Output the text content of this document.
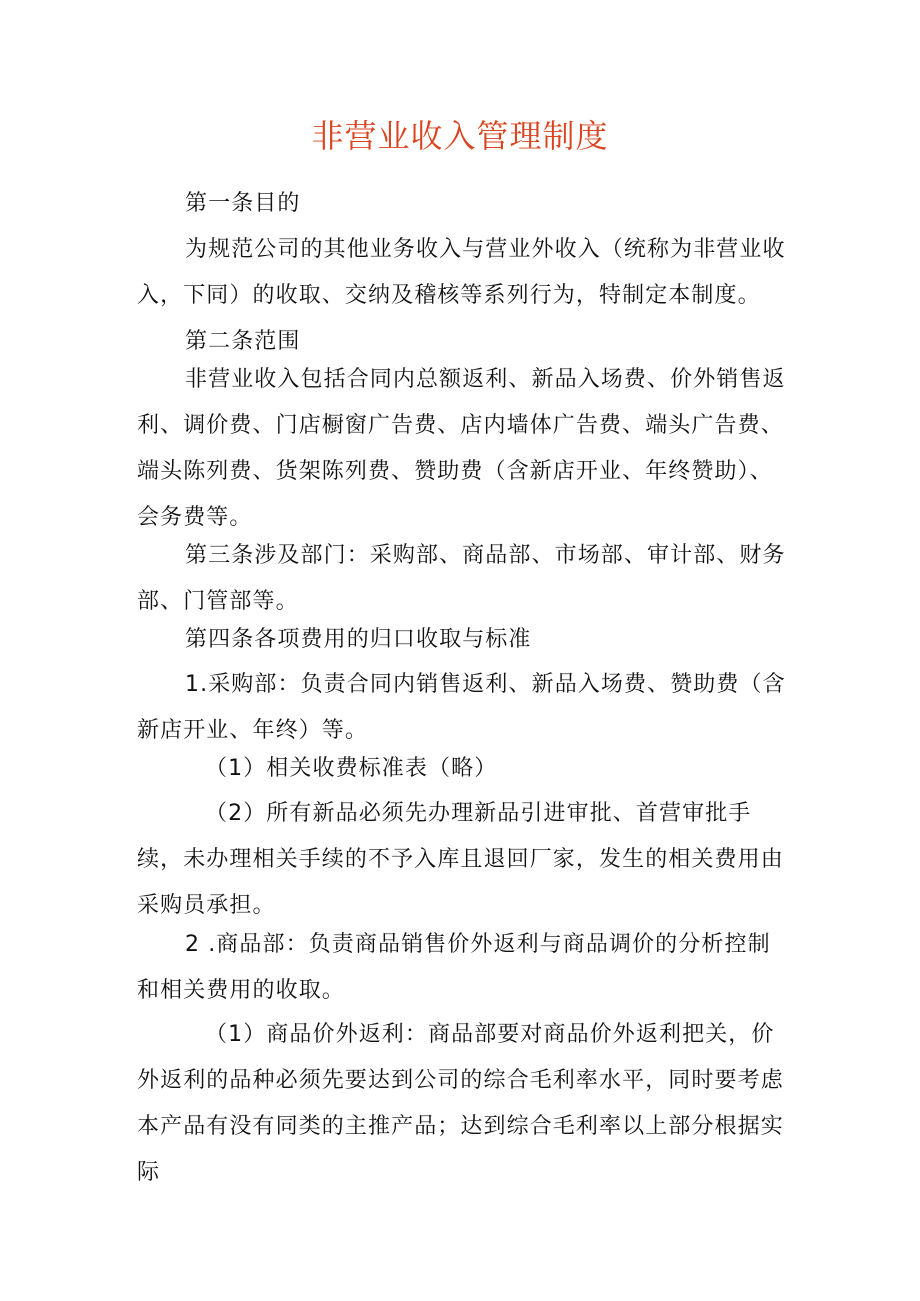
非营业收入管理制度

第一条目的

为规范公司的其他业务收入与营业外收入（统称为非营业收入，下同）的收取、交纳及稽核等系列行为，特制定本制度。

第二条范围

非营业收入包括合同内总额返利、新品入场费、价外销售返利、调价费、门店橱窗广告费、店内墙体广告费、端头广告费、端头陈列费、货架陈列费、赞助费（含新店开业、年终赞助）、会务费等。

第三条涉及部门：采购部、商品部、市场部、审计部、财务部、门管部等。

第四条各项费用的归口收取与标准

1.采购部：负责合同内销售返利、新品入场费、赞助费（含新店开业、年终）等。

（1）相关收费标准表（略）

（2）所有新品必须先办理新品引进审批、首营审批手续，未办理相关手续的不予入库且退回厂家，发生的相关费用由采购员承担。

2 .商品部：负责商品销售价外返利与商品调价的分析控制和相关费用的收取。

（1）商品价外返利：商品部要对商品价外返利把关，价外返利的品种必须先要达到公司的综合毛利率水平，同时要考虑本产品有没有同类的主推产品；达到综合毛利率以上部分根据实际
